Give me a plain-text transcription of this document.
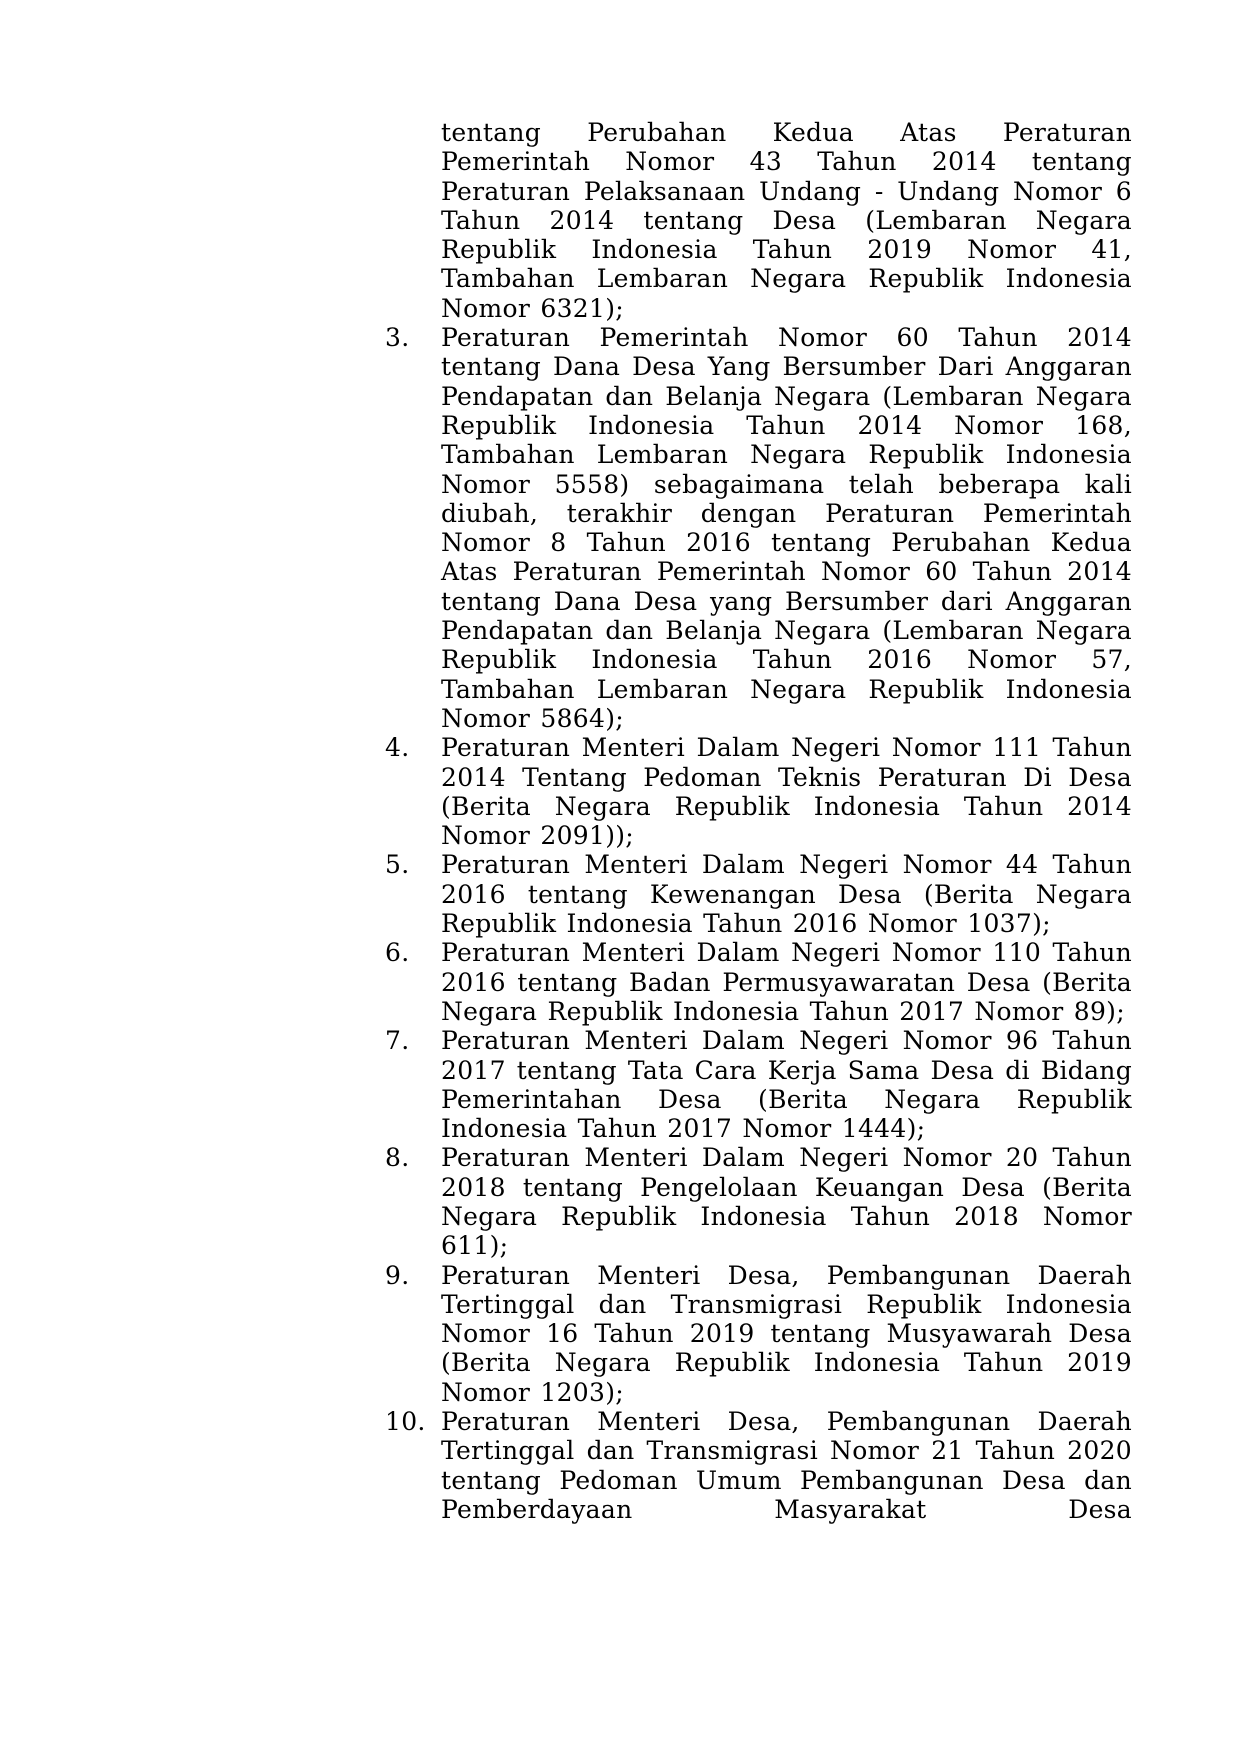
tentang Perubahan Kedua Atas Peraturan Pemerintah Nomor 43 Tahun 2014 tentang Peraturan Pelaksanaan Undang - Undang Nomor 6 Tahun 2014 tentang Desa (Lembaran Negara Republik Indonesia Tahun 2019 Nomor 41, Tambahan Lembaran Negara Republik Indonesia Nomor 6321);
3.	Peraturan Pemerintah Nomor 60 Tahun 2014 tentang Dana Desa Yang Bersumber Dari Anggaran Pendapatan dan Belanja Negara (Lembaran Negara Republik Indonesia Tahun 2014 Nomor 168, Tambahan Lembaran Negara Republik Indonesia Nomor 5558) sebagaimana telah beberapa kali diubah, terakhir dengan Peraturan Pemerintah Nomor 8 Tahun 2016 tentang Perubahan Kedua Atas Peraturan Pemerintah Nomor 60 Tahun 2014 tentang Dana Desa yang Bersumber dari Anggaran Pendapatan dan Belanja Negara (Lembaran Negara Republik Indonesia Tahun 2016 Nomor 57, Tambahan Lembaran Negara Republik Indonesia Nomor 5864);
4.	Peraturan Menteri Dalam Negeri Nomor 111 Tahun 2014 Tentang Pedoman Teknis Peraturan Di Desa (Berita Negara Republik Indonesia Tahun 2014 Nomor 2091));
5.	Peraturan Menteri Dalam Negeri Nomor 44 Tahun 2016 tentang Kewenangan Desa (Berita Negara Republik Indonesia Tahun 2016 Nomor 1037);
6.	Peraturan Menteri Dalam Negeri Nomor 110 Tahun 2016 tentang Badan Permusyawaratan Desa (Berita Negara Republik Indonesia Tahun 2017 Nomor 89);
7.	Peraturan Menteri Dalam Negeri Nomor 96 Tahun 2017 tentang Tata Cara Kerja Sama Desa di Bidang Pemerintahan Desa (Berita Negara Republik Indonesia Tahun 2017 Nomor 1444);
8.	Peraturan Menteri Dalam Negeri Nomor 20 Tahun 2018 tentang Pengelolaan Keuangan Desa (Berita Negara Republik Indonesia Tahun 2018 Nomor 611);
9.	Peraturan Menteri Desa, Pembangunan Daerah Tertinggal dan Transmigrasi Republik Indonesia Nomor 16 Tahun 2019 tentang Musyawarah Desa (Berita Negara Republik Indonesia Tahun 2019 Nomor 1203);
10. Peraturan Menteri Desa, Pembangunan Daerah Tertinggal dan Transmigrasi Nomor 21 Tahun 2020 tentang Pedoman Umum Pembangunan Desa dan Pemberdayaan Masyarakat Desa
